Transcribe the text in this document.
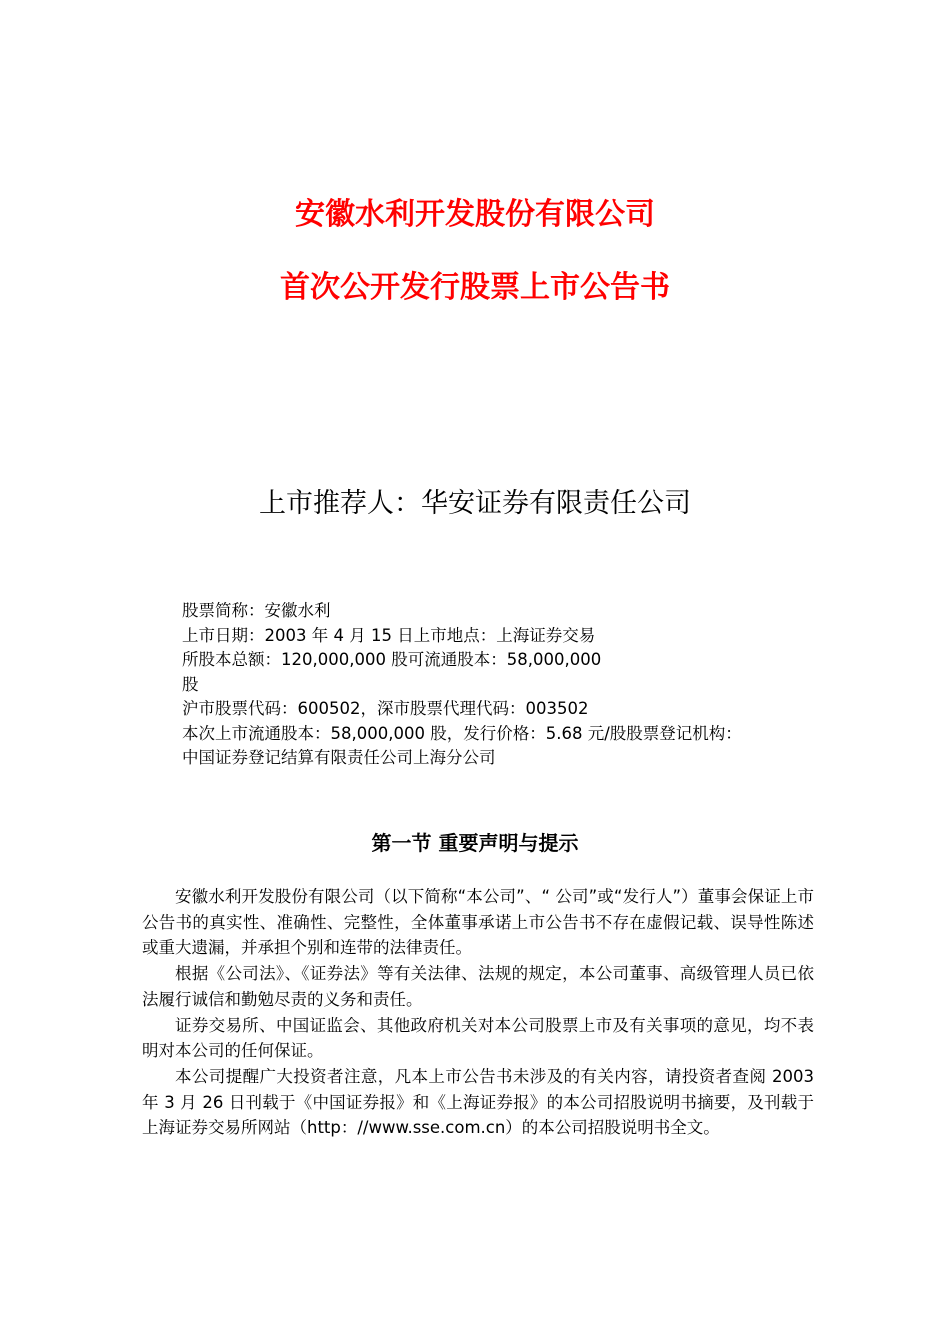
安徽水利开发股份有限公司
首次公开发行股票上市公告书
上市推荐人：华安证券有限责任公司
股票简称：安徽水利
上市日期：2003 年 4 月 15 日上市地点：上海证券交易
所股本总额：120,000,000 股可流通股本：58,000,000
股
沪市股票代码：600502，深市股票代理代码：003502
本次上市流通股本：58,000,000 股，发行价格：5.68 元/股股票登记机构：
中国证券登记结算有限责任公司上海分公司
第一节 重要声明与提示

安徽水利开发股份有限公司（以下简称“本公司”、“ 公司”或“发行人”）董事会保证上市公告书的真实性、准确性、完整性，全体董事承诺上市公告书不存在虚假记载、误导性陈述或重大遗漏，并承担个别和连带的法律责任。

根据《公司法》、《证券法》等有关法律、法规的规定，本公司董事、高级管理人员已依法履行诚信和勤勉尽责的义务和责任。

证券交易所、中国证监会、其他政府机关对本公司股票上市及有关事项的意见，均不表明对本公司的任何保证。

本公司提醒广大投资者注意，凡本上市公告书未涉及的有关内容，请投资者查阅 2003 年 3 月 26 日刊载于《中国证券报》和《上海证券报》的本公司招股说明书摘要，及刊载于上海证券交易所网站（http：//www.sse.com.cn）的本公司招股说明书全文。
